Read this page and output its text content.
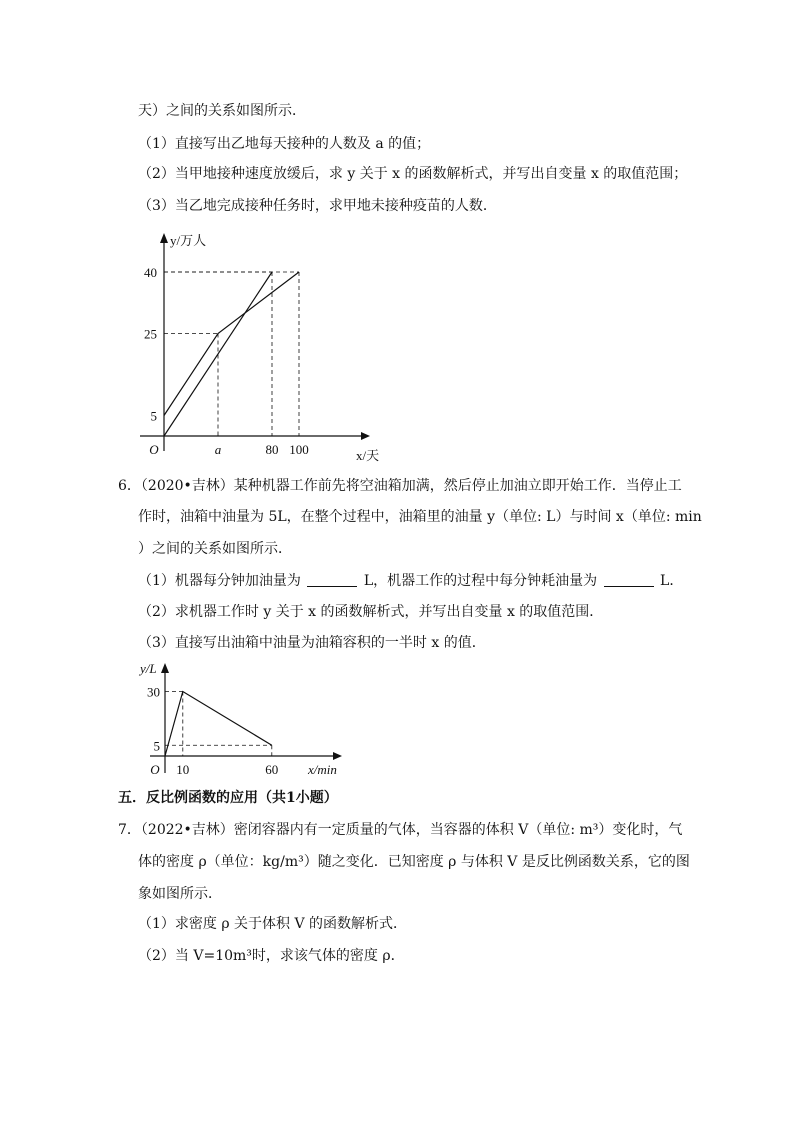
天）之间的关系如图所示．
（1）直接写出乙地每天接种的人数及 a 的值；
（2）当甲地接种速度放缓后，求 y 关于 x 的函数解析式，并写出自变量 x 的取值范围；
（3）当乙地完成接种任务时，求甲地未接种疫苗的人数．
a	80 100
5
25
40
O
y/万人
x/天
6．（2020•吉林）某种机器工作前先将空油箱加满，然后停止加油立即开始工作．当停止工
作时，油箱中油量为 5L，在整个过程中，油箱里的油量 y（单位: L）与时间 x（单位: min
）之间的关系如图所示．
（1）机器每分钟加油量为	L，机器工作的过程中每分钟耗油量为	L．
（2）求机器工作时 y 关于 x 的函数解析式，并写出自变量 x 的取值范围．
（3）直接写出油箱中油量为油箱容积的一半时 x 的值．
10	60
5
30
O
y/L
x/min
五．反比例函数的应用（共1小题）
7．（2022•吉林）密闭容器内有一定质量的气体，当容器的体积 V（单位: m³）变化时，气
体的密度 ρ（单位：kg/m³）随之变化．已知密度 ρ 与体积 V 是反比例函数关系，它的图
象如图所示．
（1）求密度 ρ 关于体积 V 的函数解析式．
（2）当 V=10m³时，求该气体的密度 ρ．
